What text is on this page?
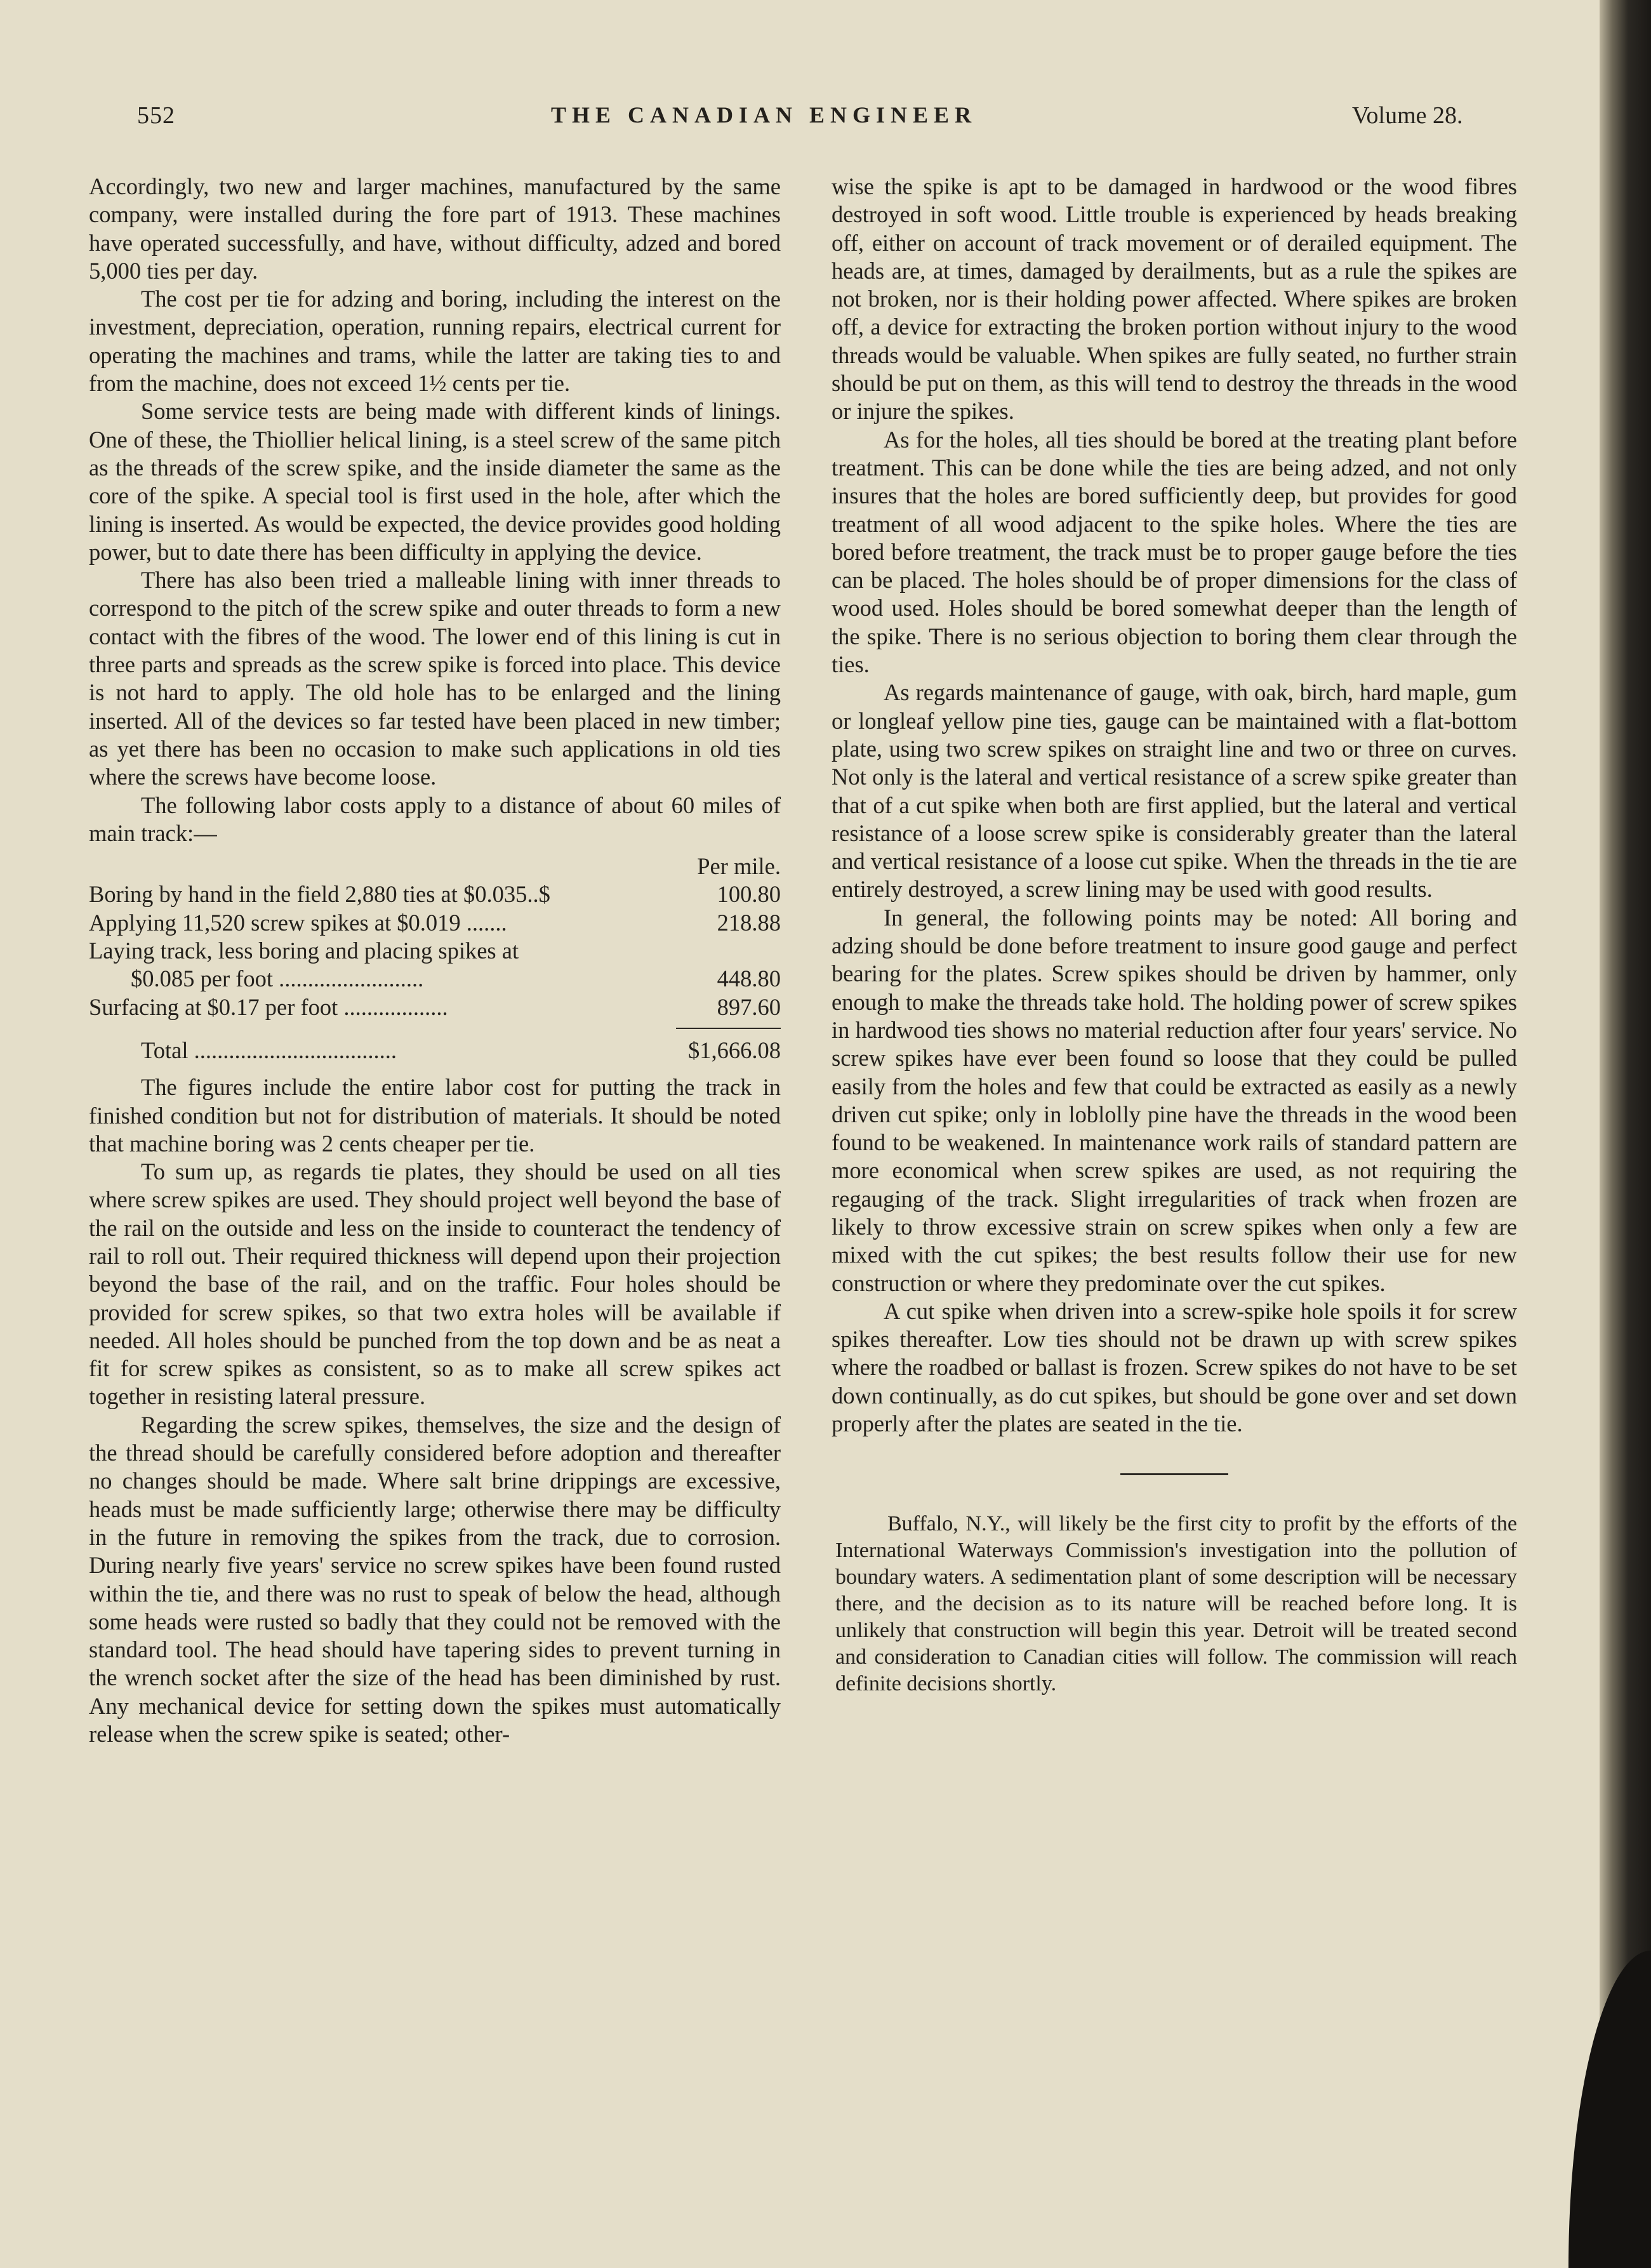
552	THE CANADIAN ENGINEER	Volume 28.

Accordingly, two new and larger machines, manufactured by the same company, were installed during the fore part of 1913. These machines have operated successfully, and have, without difficulty, adzed and bored 5,000 ties per day.

The cost per tie for adzing and boring, including the interest on the investment, depreciation, operation, running repairs, electrical current for operating the machines and trams, while the latter are taking ties to and from the machine, does not exceed 1½ cents per tie.

Some service tests are being made with different kinds of linings. One of these, the Thiollier helical lining, is a steel screw of the same pitch as the threads of the screw spike, and the inside diameter the same as the core of the spike. A special tool is first used in the hole, after which the lining is inserted. As would be expected, the device provides good holding power, but to date there has been difficulty in applying the device.

There has also been tried a malleable lining with inner threads to correspond to the pitch of the screw spike and outer threads to form a new contact with the fibres of the wood. The lower end of this lining is cut in three parts and spreads as the screw spike is forced into place. This device is not hard to apply. The old hole has to be enlarged and the lining inserted. All of the devices so far tested have been placed in new timber; as yet there has been no occasion to make such applications in old ties where the screws have become loose.

The following labor costs apply to a distance of about 60 miles of main track:—

Per mile.
Boring by hand in the field 2,880 ties at $0.035..$	100.80
Applying 11,520 screw spikes at $0.019 .......	218.88
Laying track, less boring and placing spikes at
$0.085 per foot .........................	448.80
Surfacing at $0.17 per foot ..................	897.60
Total ...................................	$1,666.08

The figures include the entire labor cost for putting the track in finished condition but not for distribution of materials. It should be noted that machine boring was 2 cents cheaper per tie.

To sum up, as regards tie plates, they should be used on all ties where screw spikes are used. They should project well beyond the base of the rail on the outside and less on the inside to counteract the tendency of rail to roll out. Their required thickness will depend upon their projection beyond the base of the rail, and on the traffic. Four holes should be provided for screw spikes, so that two extra holes will be available if needed. All holes should be punched from the top down and be as neat a fit for screw spikes as consistent, so as to make all screw spikes act together in resisting lateral pressure.

Regarding the screw spikes, themselves, the size and the design of the thread should be carefully considered before adoption and thereafter no changes should be made. Where salt brine drippings are excessive, heads must be made sufficiently large; otherwise there may be difficulty in the future in removing the spikes from the track, due to corrosion. During nearly five years' service no screw spikes have been found rusted within the tie, and there was no rust to speak of below the head, although some heads were rusted so badly that they could not be removed with the standard tool. The head should have tapering sides to prevent turning in the wrench socket after the size of the head has been diminished by rust. Any mechanical device for setting down the spikes must automatically release when the screw spike is seated; other-

wise the spike is apt to be damaged in hardwood or the wood fibres destroyed in soft wood. Little trouble is experienced by heads breaking off, either on account of track movement or of derailed equipment. The heads are, at times, damaged by derailments, but as a rule the spikes are not broken, nor is their holding power affected. Where spikes are broken off, a device for extracting the broken portion without injury to the wood threads would be valuable. When spikes are fully seated, no further strain should be put on them, as this will tend to destroy the threads in the wood or injure the spikes.

As for the holes, all ties should be bored at the treating plant before treatment. This can be done while the ties are being adzed, and not only insures that the holes are bored sufficiently deep, but provides for good treatment of all wood adjacent to the spike holes. Where the ties are bored before treatment, the track must be to proper gauge before the ties can be placed. The holes should be of proper dimensions for the class of wood used. Holes should be bored somewhat deeper than the length of the spike. There is no serious objection to boring them clear through the ties.

As regards maintenance of gauge, with oak, birch, hard maple, gum or longleaf yellow pine ties, gauge can be maintained with a flat-bottom plate, using two screw spikes on straight line and two or three on curves. Not only is the lateral and vertical resistance of a screw spike greater than that of a cut spike when both are first applied, but the lateral and vertical resistance of a loose screw spike is considerably greater than the lateral and vertical resistance of a loose cut spike. When the threads in the tie are entirely destroyed, a screw lining may be used with good results.

In general, the following points may be noted: All boring and adzing should be done before treatment to insure good gauge and perfect bearing for the plates. Screw spikes should be driven by hammer, only enough to make the threads take hold. The holding power of screw spikes in hardwood ties shows no material reduction after four years' service. No screw spikes have ever been found so loose that they could be pulled easily from the holes and few that could be extracted as easily as a newly driven cut spike; only in loblolly pine have the threads in the wood been found to be weakened. In maintenance work rails of standard pattern are more economical when screw spikes are used, as not requiring the regauging of the track. Slight irregularities of track when frozen are likely to throw excessive strain on screw spikes when only a few are mixed with the cut spikes; the best results follow their use for new construction or where they predominate over the cut spikes.

A cut spike when driven into a screw-spike hole spoils it for screw spikes thereafter. Low ties should not be drawn up with screw spikes where the roadbed or ballast is frozen. Screw spikes do not have to be set down continually, as do cut spikes, but should be gone over and set down properly after the plates are seated in the tie.

Buffalo, N.Y., will likely be the first city to profit by the efforts of the International Waterways Commission's investigation into the pollution of boundary waters. A sedimentation plant of some description will be necessary there, and the decision as to its nature will be reached before long. It is unlikely that construction will begin this year. Detroit will be treated second and consideration to Canadian cities will follow. The commission will reach definite decisions shortly.
